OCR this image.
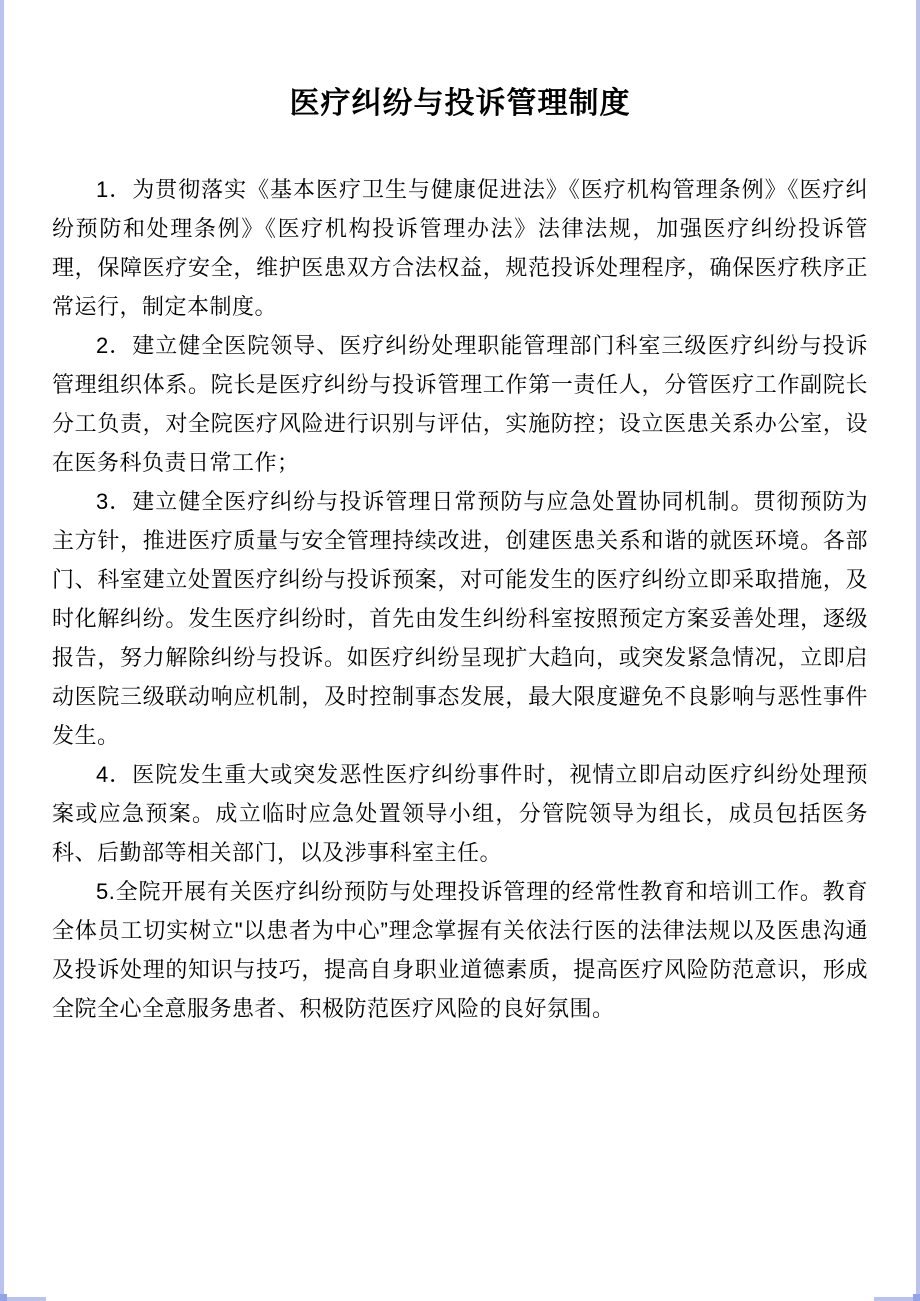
医疗纠纷与投诉管理制度

1．为贯彻落实《基本医疗卫生与健康促进法》《医疗机构管理条例》《医疗纠纷预防和处理条例》《医疗机构投诉管理办法》法律法规，加强医疗纠纷投诉管理，保障医疗安全，维护医患双方合法权益，规范投诉处理程序，确保医疗秩序正常运行，制定本制度。

2．建立健全医院领导、医疗纠纷处理职能管理部门科室三级医疗纠纷与投诉管理组织体系。院长是医疗纠纷与投诉管理工作第一责任人，分管医疗工作副院长分工负责，对全院医疗风险进行识别与评估，实施防控；设立医患关系办公室，设在医务科负责日常工作；

3．建立健全医疗纠纷与投诉管理日常预防与应急处置协同机制。贯彻预防为主方针，推进医疗质量与安全管理持续改进，创建医患关系和谐的就医环境。各部门、科室建立处置医疗纠纷与投诉预案，对可能发生的医疗纠纷立即采取措施，及时化解纠纷。发生医疗纠纷时，首先由发生纠纷科室按照预定方案妥善处理，逐级报告，努力解除纠纷与投诉。如医疗纠纷呈现扩大趋向，或突发紧急情况，立即启动医院三级联动响应机制，及时控制事态发展，最大限度避免不良影响与恶性事件发生。

4．医院发生重大或突发恶性医疗纠纷事件时，视情立即启动医疗纠纷处理预案或应急预案。成立临时应急处置领导小组，分管院领导为组长，成员包括医务科、后勤部等相关部门，以及涉事科室主任。

5.全院开展有关医疗纠纷预防与处理投诉管理的经常性教育和培训工作。教育全体员工切实树立"以患者为中心”理念掌握有关依法行医的法律法规以及医患沟通及投诉处理的知识与技巧，提高自身职业道德素质，提高医疗风险防范意识，形成全院全心全意服务患者、积极防范医疗风险的良好氛围。
